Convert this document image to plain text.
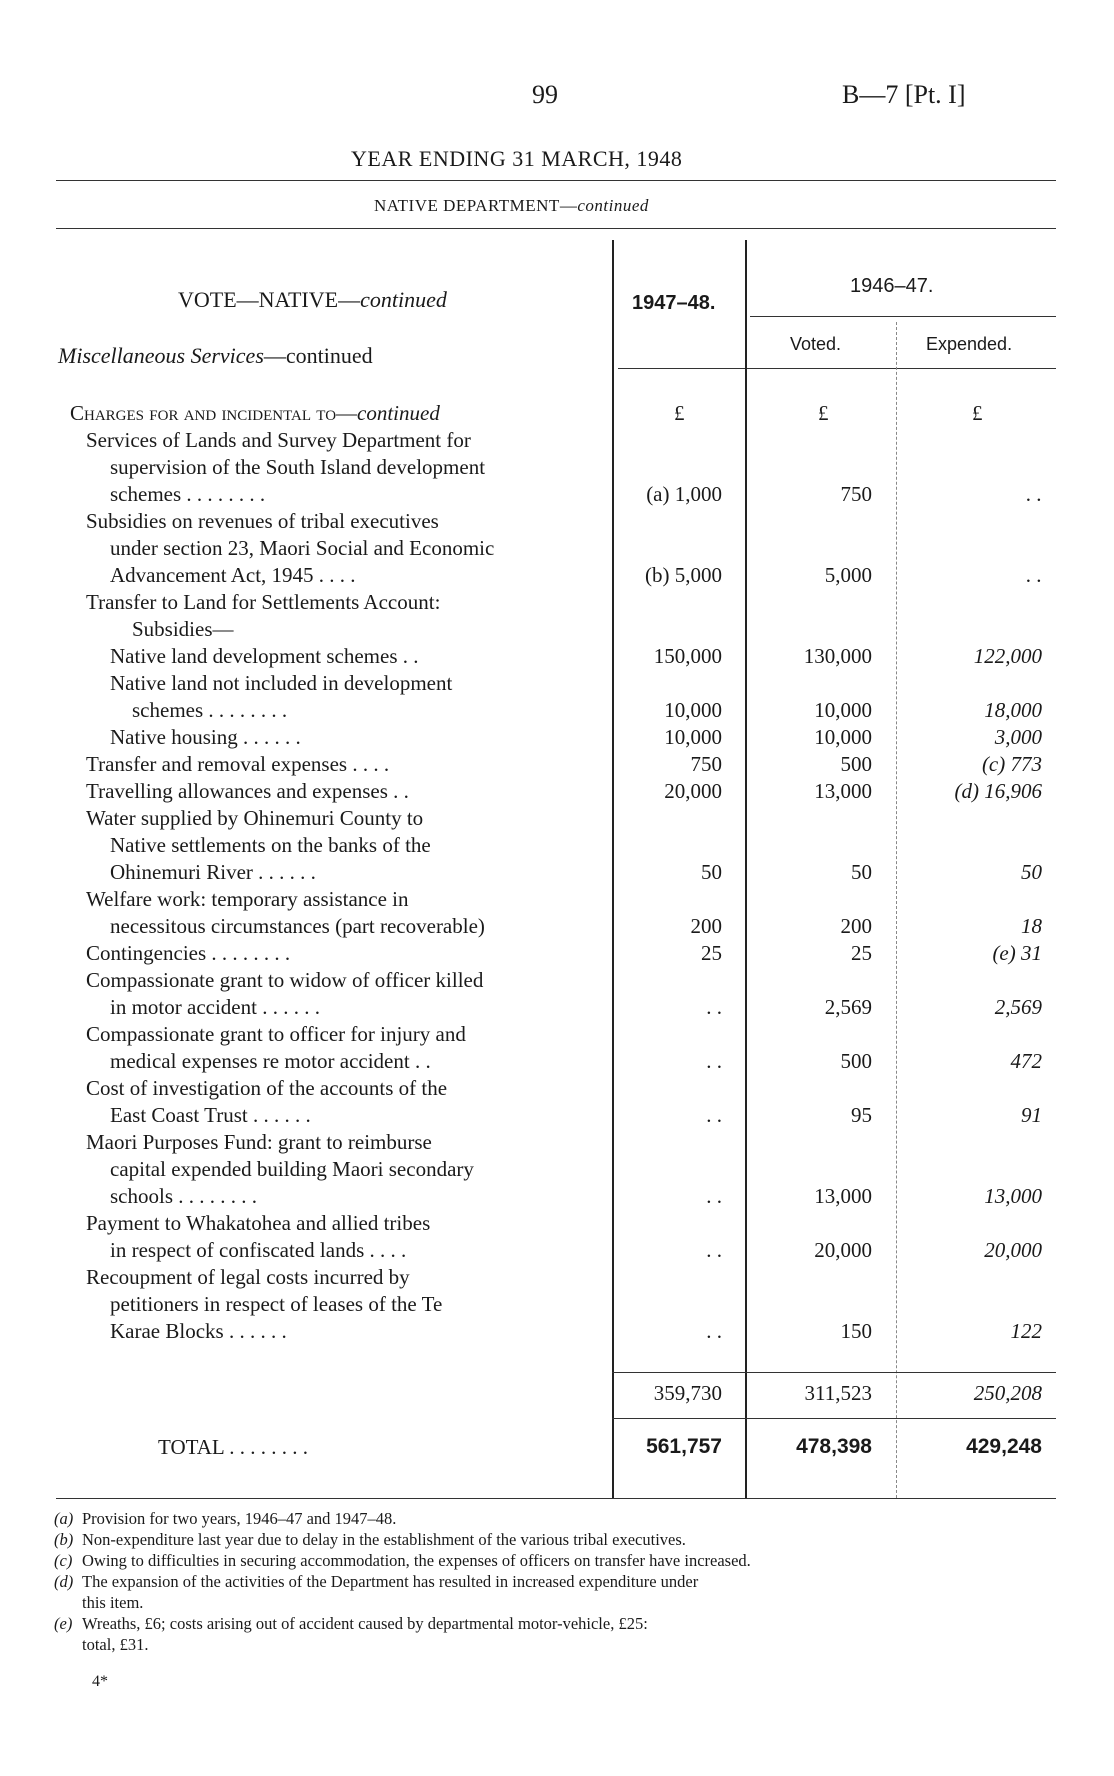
99	B—7 [Pt. I]
YEAR ENDING 31 MARCH, 1948
NATIVE DEPARTMENT—continued
VOTE—NATIVE—continued
Miscellaneous Services—continued
1947–48.
1946–47.
Voted.	Expended.
Charges for and incidental to—continued	£	£	£
Services of Lands and Survey Department for
supervision of the South Island development
schemes . . . . . . . .	(a) 1,000	750	. .
Subsidies on revenues of tribal executives
under section 23, Maori Social and Economic
Advancement Act, 1945 . . . .	(b) 5,000	5,000	. .
Transfer to Land for Settlements Account:
Subsidies—
Native land development schemes . .	150,000	130,000	122,000
Native land not included in development
schemes . . . . . . . .	10,000	10,000	18,000
Native housing . . . . . .	10,000	10,000	3,000
Transfer and removal expenses . . . .	750	500	(c) 773
Travelling allowances and expenses . .	20,000	13,000	(d) 16,906
Water supplied by Ohinemuri County to
Native settlements on the banks of the
Ohinemuri River . . . . . .	50	50	50
Welfare work: temporary assistance in
necessitous circumstances (part recoverable)	200	200	18
Contingencies . . . . . . . .	25	25	(e) 31
Compassionate grant to widow of officer killed
in motor accident . . . . . .	. .	2,569	2,569
Compassionate grant to officer for injury and
medical expenses re motor accident . .	. .	500	472
Cost of investigation of the accounts of the
East Coast Trust . . . . . .	. .	95	91
Maori Purposes Fund: grant to reimburse
capital expended building Maori secondary
schools . . . . . . . .	. .	13,000	13,000
Payment to Whakatohea and allied tribes
in respect of confiscated lands . . . .	. .	20,000	20,000
Recoupment of legal costs incurred by
petitioners in respect of leases of the Te
Karae Blocks . . . . . .	. .	150	122
359,730	311,523	250,208
TOTAL . . . . . . . .	561,757	478,398	429,248
(a) Provision for two years, 1946–47 and 1947–48.
(b) Non-expenditure last year due to delay in the establishment of the various tribal executives.
(c) Owing to difficulties in securing accommodation, the expenses of officers on transfer have increased.
(d) The expansion of the activities of the Department has resulted in increased expenditure under
this item.
(e) Wreaths, £6; costs arising out of accident caused by departmental motor-vehicle, £25:
total, £31.
4*
